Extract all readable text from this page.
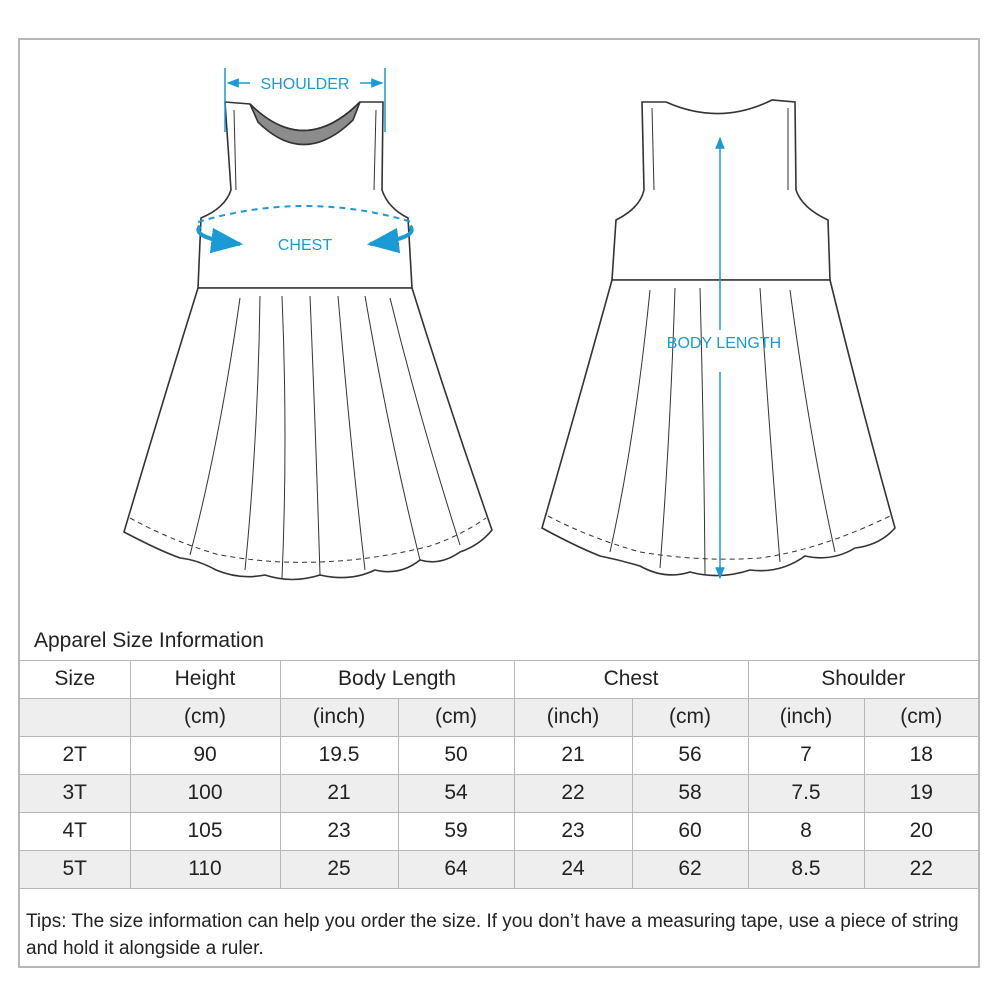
SHOULDER
CHEST
BODY LENGTH
Apparel Size Information							
Size	Height	Body Length		Chest		Shoulder	
	(cm)	(inch)	(cm)	(inch)	(cm)	(inch)	(cm)
2T	90	19.5	50	21	56	7	18
3T	100	21	54	22	58	7.5	19
4T	105	23	59	23	60	8	20
5T	110	25	64	24	62	8.5	22
Tips: The size information can help you order the size. If you don’t have a measuring tape, use a piece of string and hold it alongside a ruler.
